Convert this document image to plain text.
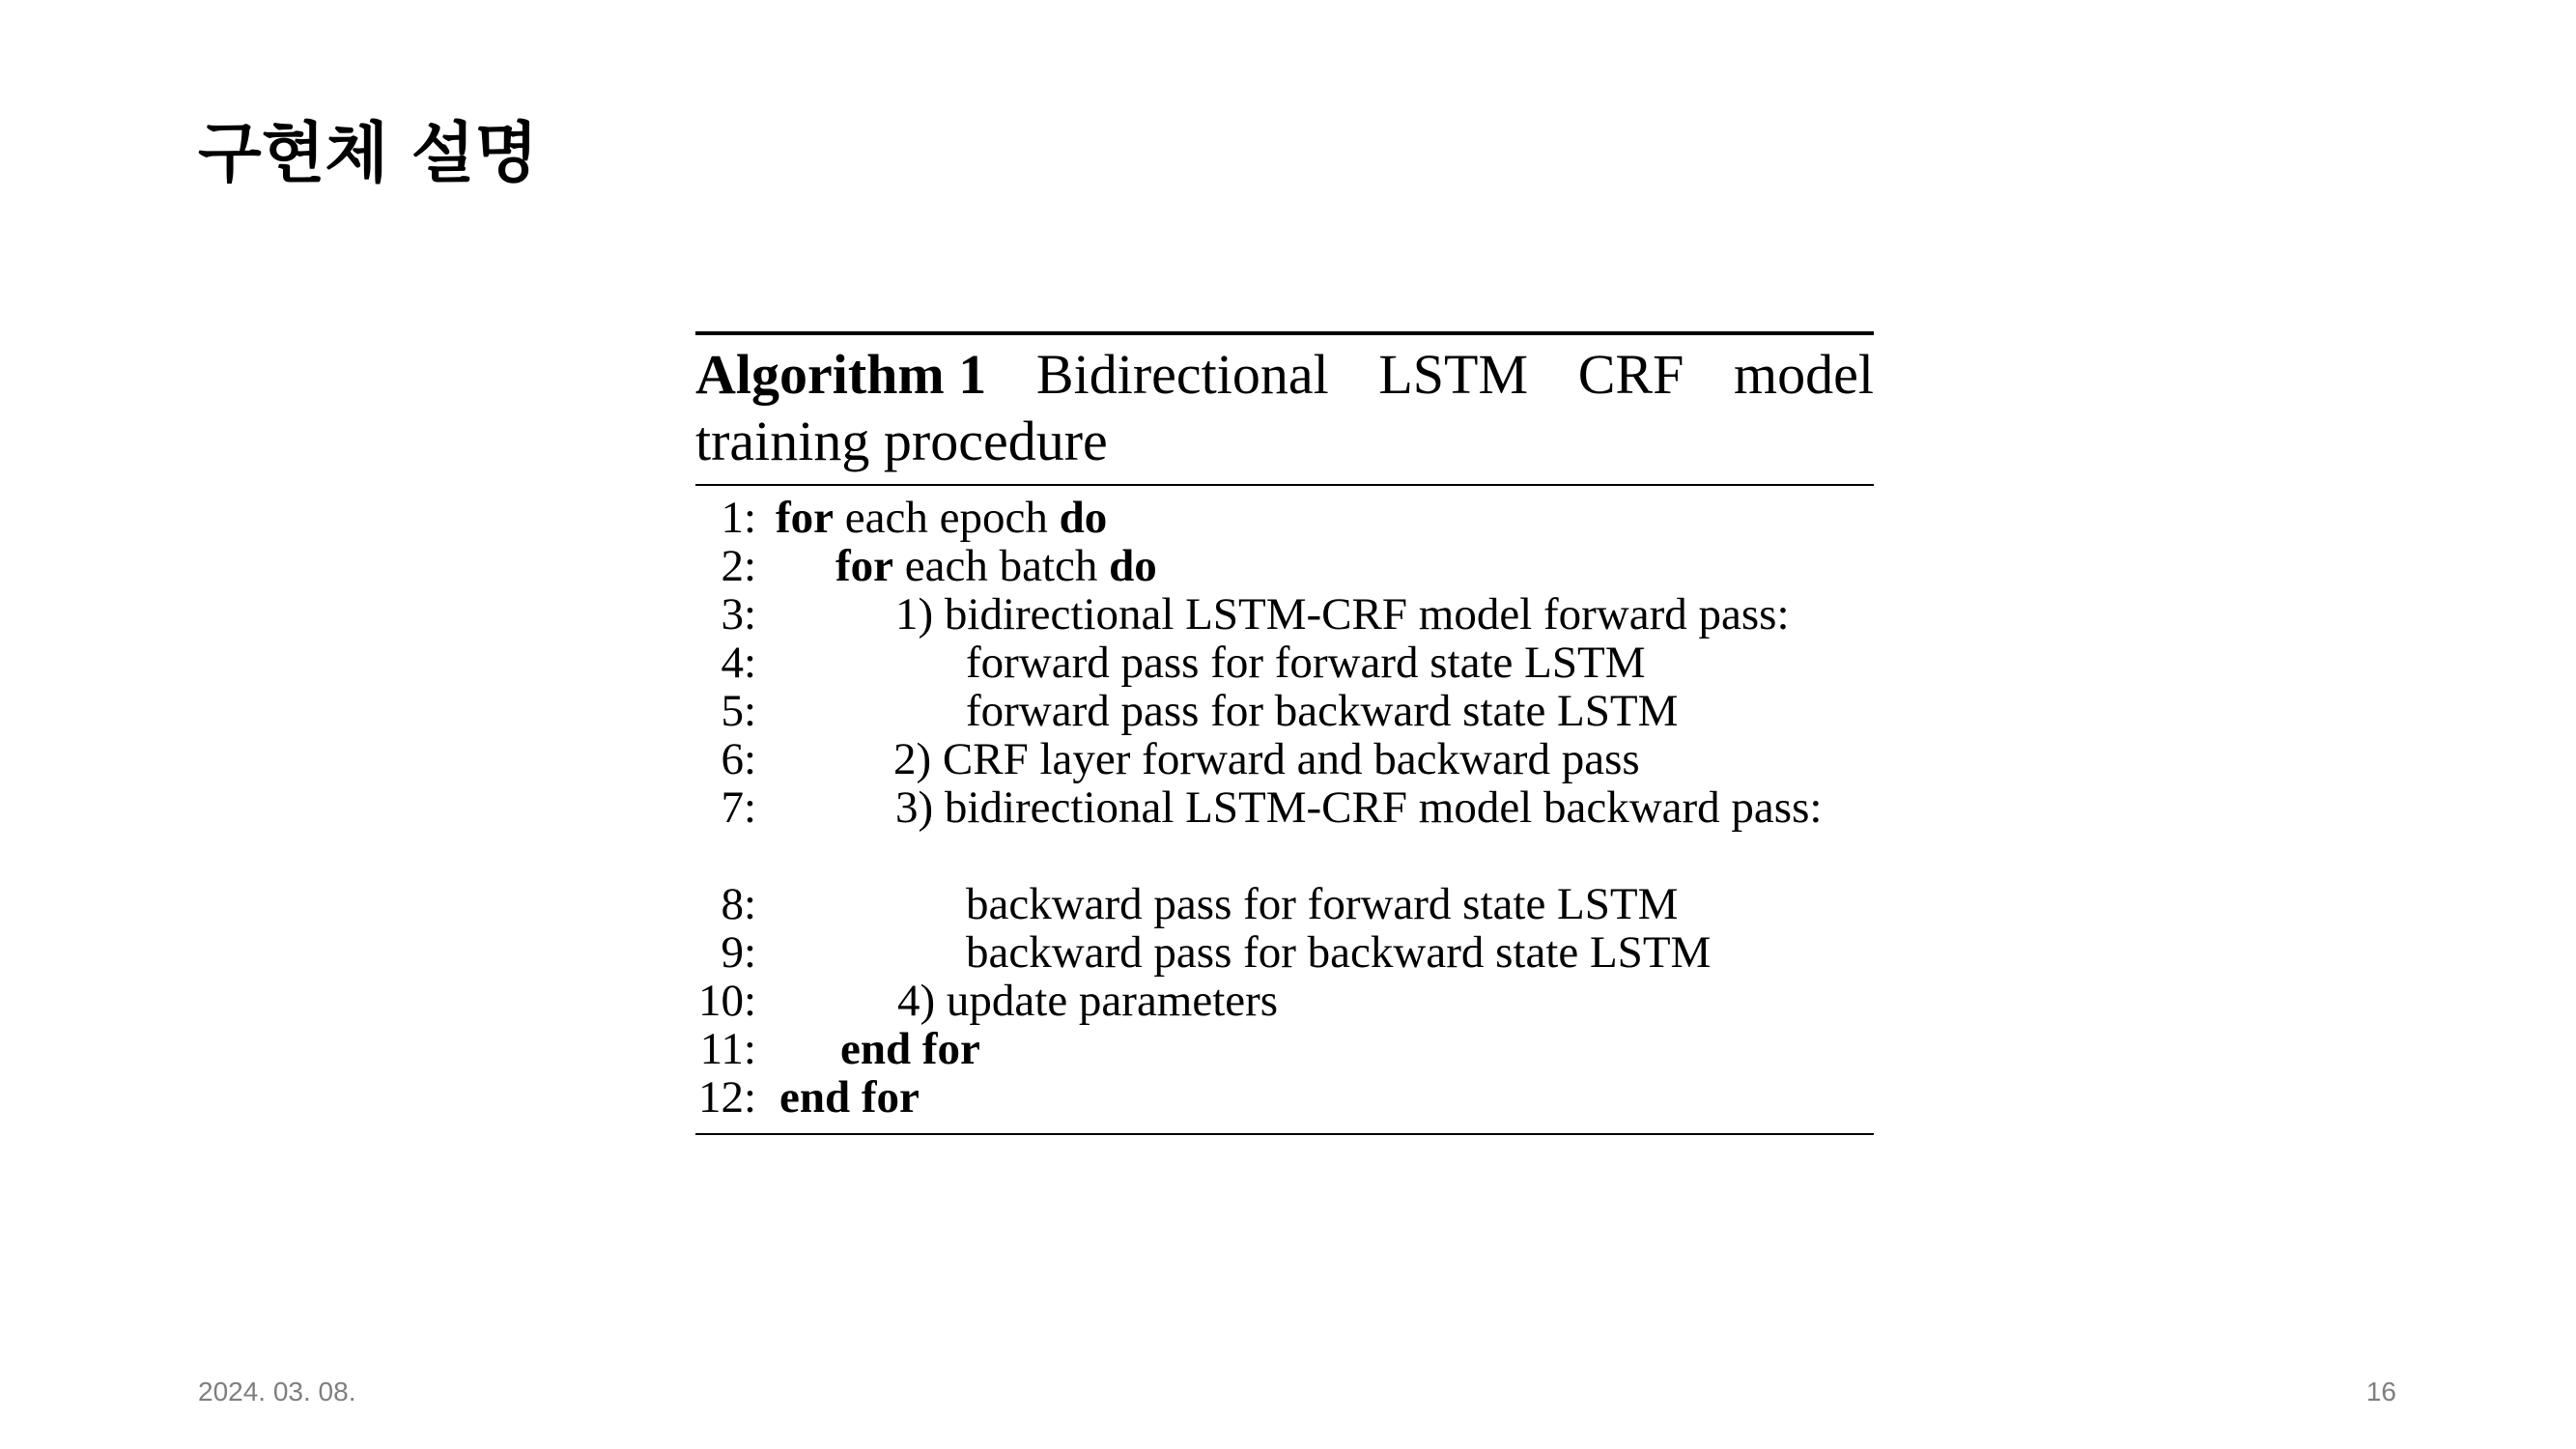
구현체 설명
Algorithm 1 Bidirectional LSTM CRF model
training procedure
1: for each epoch do
2: for each batch do
3:	1) bidirectional LSTM-CRF model forward pass:
4:	forward pass for forward state LSTM
5:	forward pass for backward state LSTM
6:	2) CRF layer forward and backward pass
7:	3) bidirectional LSTM-CRF model backward pass:
8:	backward pass for forward state LSTM
9:	backward pass for backward state LSTM
10:	4) update parameters
11: end for
12: end for
2024. 03. 08.	16
